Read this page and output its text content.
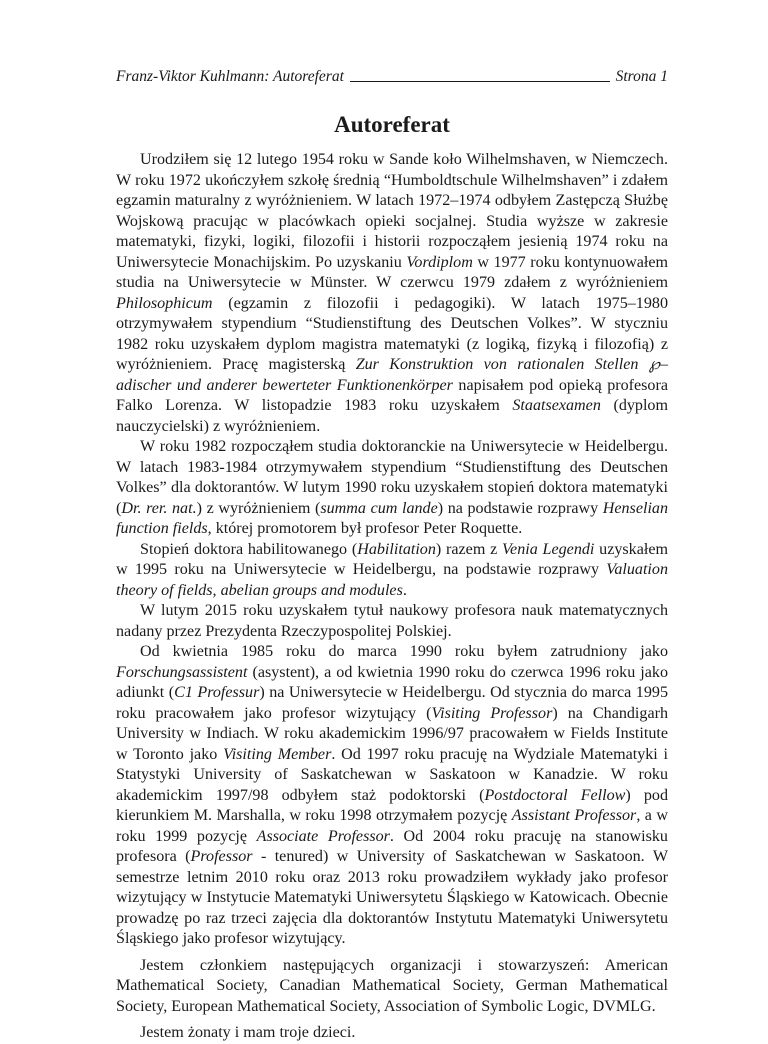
Franz-Viktor Kuhlmann: Autoreferat	Strona 1
Autoreferat

Urodziłem się 12 lutego 1954 roku w Sande koło Wilhelmshaven, w Niemczech. W roku 1972 ukończyłem szkołę średnią “Humboldtschule Wilhelmshaven” i zdałem egzamin maturalny z wyróżnieniem. W latach 1972–1974 odbyłem Zastępczą Służbę Wojskową pracując w placówkach opieki socjalnej. Studia wyższe w zakresie matematyki, fizyki, logiki, filozofii i historii rozpocząłem jesienią 1974 roku na Uniwersytecie Monachijskim. Po uzyskaniu Vordiplom w 1977 roku kontynuowałem studia na Uniwersytecie w Münster. W czerwcu 1979 zdałem z wyróżnieniem Philosophicum (egzamin z filozofii i pedagogiki). W latach 1975–1980 otrzymywałem stypendium “Studienstiftung des Deutschen Volkes”. W styczniu 1982 roku uzyskałem dyplom magistra matematyki (z logiką, fizyką i filozofią) z wyróżnieniem. Pracę magisterską Zur Konstruktion von rationalen Stellen ℘–adischer und anderer bewerteter Funktionenkörper napisałem pod opieką profesora Falko Lorenza. W listopadzie 1983 roku uzyskałem Staatsexamen (dyplom nauczycielski) z wyróżnieniem.

W roku 1982 rozpocząłem studia doktoranckie na Uniwersytecie w Heidelbergu. W latach 1983-1984 otrzymywałem stypendium “Studienstiftung des Deutschen Volkes” dla doktorantów. W lutym 1990 roku uzyskałem stopień doktora matematyki (Dr. rer. nat.) z wyróżnieniem (summa cum lande) na podstawie rozprawy Henselian function fields, której promotorem był profesor Peter Roquette.

Stopień doktora habilitowanego (Habilitation) razem z Venia Legendi uzyskałem w 1995 roku na Uniwersytecie w Heidelbergu, na podstawie rozprawy Valuation theory of fields, abelian groups and modules.

W lutym 2015 roku uzyskałem tytuł naukowy profesora nauk matematycznych nadany przez Prezydenta Rzeczypospolitej Polskiej.

Od kwietnia 1985 roku do marca 1990 roku byłem zatrudniony jako Forschungsassistent (asystent), a od kwietnia 1990 roku do czerwca 1996 roku jako adiunkt (C1 Professur) na Uniwersytecie w Heidelbergu. Od stycznia do marca 1995 roku pracowałem jako profesor wizytujący (Visiting Professor) na Chandigarh University w Indiach. W roku akademickim 1996/97 pracowałem w Fields Institute w Toronto jako Visiting Member. Od 1997 roku pracuję na Wydziale Matematyki i Statystyki University of Saskatchewan w Saskatoon w Kanadzie. W roku akademickim 1997/98 odbyłem staż podoktorski (Postdoctoral Fellow) pod kierunkiem M. Marshalla, w roku 1998 otrzymałem pozycję Assistant Professor, a w roku 1999 pozycję Associate Professor. Od 2004 roku pracuję na stanowisku profesora (Professor - tenured) w University of Saskatchewan w Saskatoon. W semestrze letnim 2010 roku oraz 2013 roku prowadziłem wykłady jako profesor wizytujący w Instytucie Matematyki Uniwersytetu Śląskiego w Katowicach. Obecnie prowadzę po raz trzeci zajęcia dla doktorantów Instytutu Matematyki Uniwersytetu Śląskiego jako profesor wizytujący.

Jestem członkiem następujących organizacji i stowarzyszeń: American Mathematical Society, Canadian Mathematical Society, German Mathematical Society, European Mathematical Society, Association of Symbolic Logic, DVMLG.

Jestem żonaty i mam troje dzieci.
